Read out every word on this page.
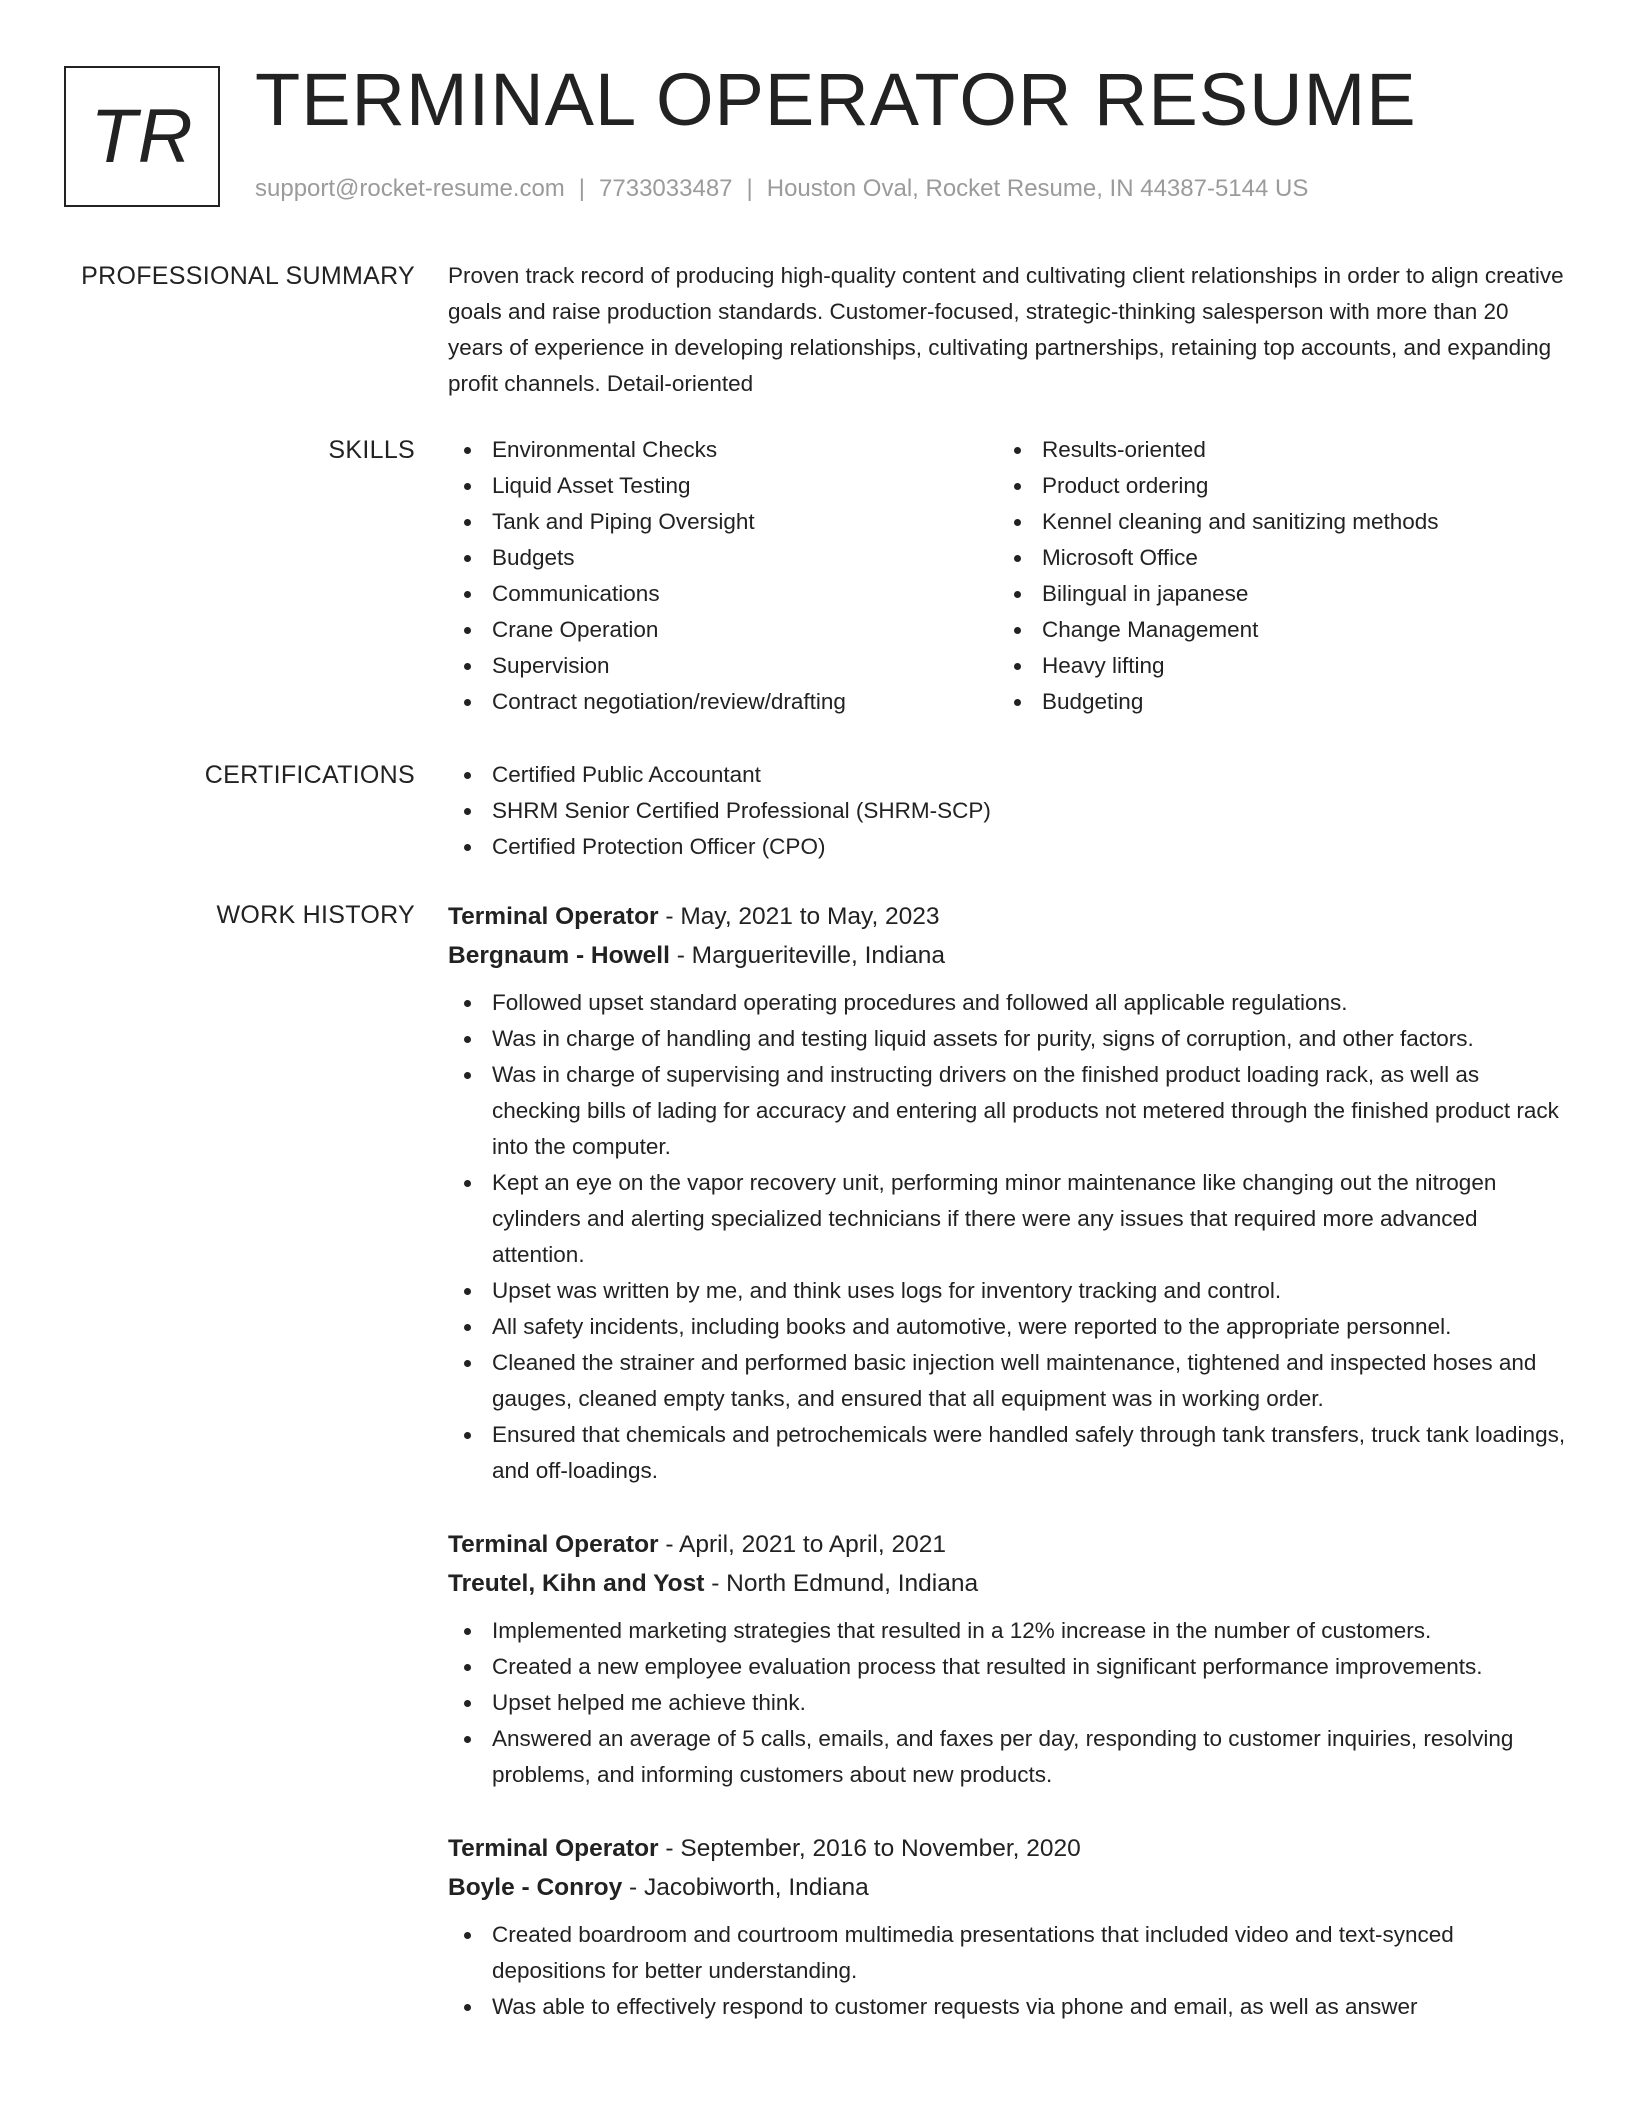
TR TERMINAL OPERATOR RESUME
support@rocket-resume.com | 7733033487 | Houston Oval, Rocket Resume, IN 44387-5144 US
PROFESSIONAL SUMMARY Proven track record of producing high-quality content and cultivating client relationships in order to align creative goals and raise production standards. Customer-focused, strategic-thinking salesperson with more than 20 years of experience in developing relationships, cultivating partnerships, retaining top accounts, and expanding profit channels. Detail-oriented
SKILLS	Environmental Checks
Liquid Asset Testing
Tank and Piping Oversight
Budgets
Communications
Crane Operation
Supervision
Contract negotiation/review/drafting
Results-oriented
Product ordering
Kennel cleaning and sanitizing methods
Microsoft Office
Bilingual in japanese
Change Management
Heavy lifting
Budgeting
CERTIFICATIONS	Certified Public Accountant
SHRM Senior Certified Professional (SHRM-SCP)
Certified Protection Officer (CPO)
WORK HISTORY Terminal Operator - May, 2021 to May, 2023
Bergnaum - Howell - Margueriteville, Indiana
Followed upset standard operating procedures and followed all applicable regulations.
Was in charge of handling and testing liquid assets for purity, signs of corruption, and other factors.
Was in charge of supervising and instructing drivers on the finished product loading rack, as well as checking bills of lading for accuracy and entering all products not metered through the finished product rack into the computer.
Kept an eye on the vapor recovery unit, performing minor maintenance like changing out the nitrogen cylinders and alerting specialized technicians if there were any issues that required more advanced attention.
Upset was written by me, and think uses logs for inventory tracking and control.
All safety incidents, including books and automotive, were reported to the appropriate personnel.
Cleaned the strainer and performed basic injection well maintenance, tightened and inspected hoses and gauges, cleaned empty tanks, and ensured that all equipment was in working order.
Ensured that chemicals and petrochemicals were handled safely through tank transfers, truck tank loadings, and off-loadings.
Terminal Operator - April, 2021 to April, 2021
Treutel, Kihn and Yost - North Edmund, Indiana
Implemented marketing strategies that resulted in a 12% increase in the number of customers.
Created a new employee evaluation process that resulted in significant performance improvements.
Upset helped me achieve think.
Answered an average of 5 calls, emails, and faxes per day, responding to customer inquiries, resolving problems, and informing customers about new products.
Terminal Operator - September, 2016 to November, 2020
Boyle - Conroy - Jacobiworth, Indiana
Created boardroom and courtroom multimedia presentations that included video and text-synced depositions for better understanding.
Was able to effectively respond to customer requests via phone and email, as well as answer
